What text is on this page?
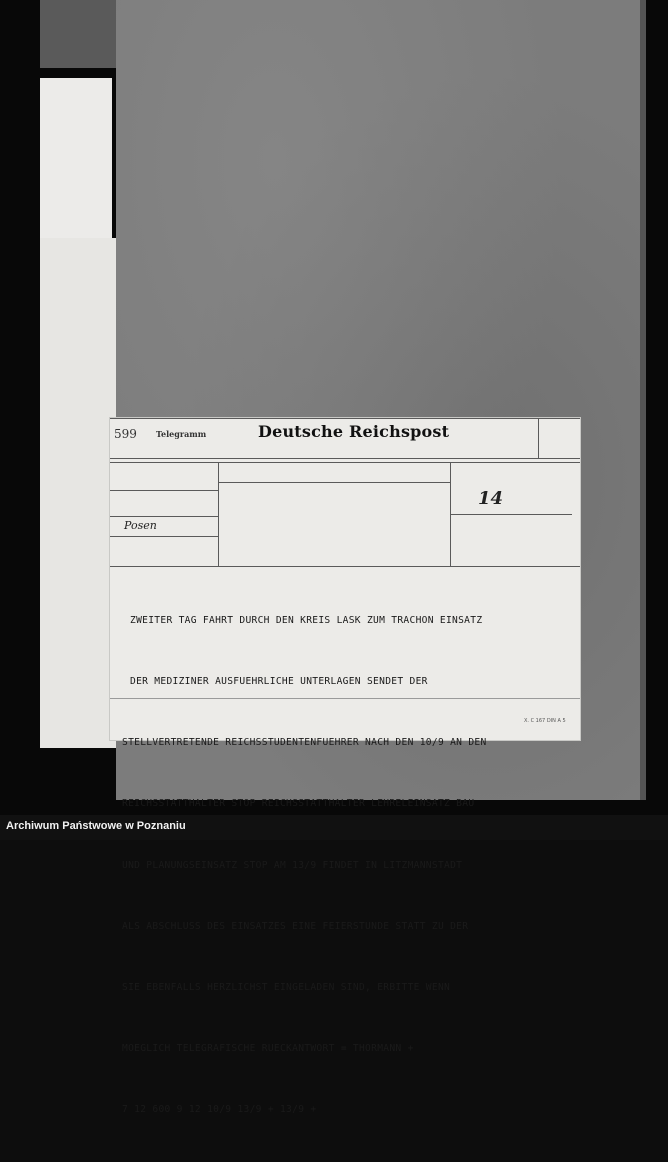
599 Telegramm	Deutsche Reichspost
Posen
14

ZWEITER TAG FAHRT DURCH DEN KREIS LASK ZUM TRACHON EINSATZ

DER MEDIZINER AUSFUEHRLICHE UNTERLAGEN SENDET DER

STELLVERTRETENDE REICHSSTUDENTENFUEHRER NACH DEN 10/9 AN DEN

REICHSSTATTHALTER STOP REICHSSTATTHALTER LEHRELEINSATZ BAU

UND PLANUNGSEINSATZ STOP AM 13/9 FINDET IN LITZMANNSTADT

ALS ABSCHLUSS DES EINSATZES EINE FEIERSTUNDE STATT ZU DER

SIE EBENFALLS HERZLICHST EINGELADEN SIND, ERBITTE WENN

MOEGLICH TELEGRAFISCHE RUECKANTWORT = THORMANN +

7 12 600 9 12 10/9 13/9 + 13/9 +

X. C 167 DIN A 5
Archiwum Państwowe w Poznaniu
